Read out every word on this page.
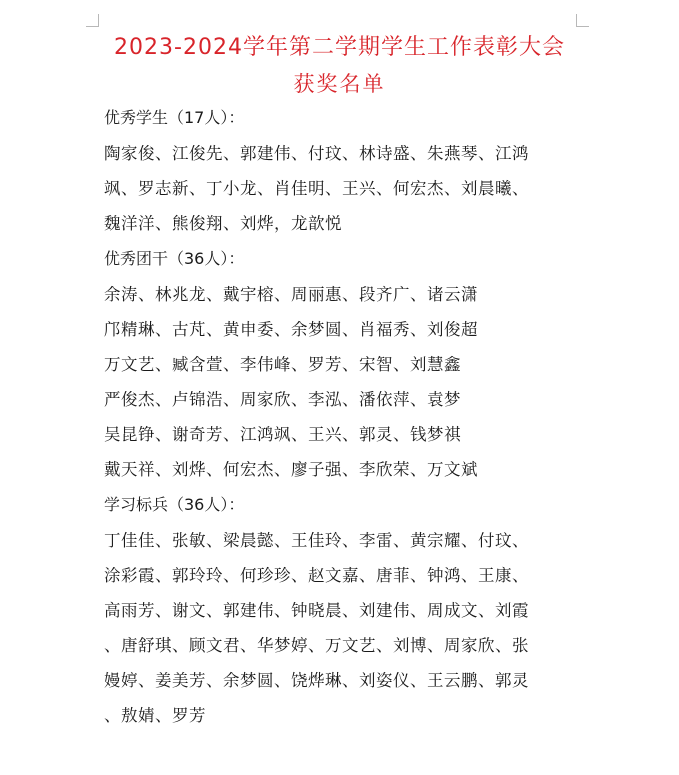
2023-2024学年第二学期学生工作表彰大会
获奖名单
优秀学生（17人）：
陶家俊、江俊先、郭建伟、付玟、林诗盛、朱燕琴、江鸿
飒、罗志新、丁小龙、肖佳明、王兴、何宏杰、刘晨曦、
魏洋洋、熊俊翔、刘烨，龙歆悦
优秀团干（36人）：
余涛、林兆龙、戴宇榕、周丽惠、段齐广、诸云潇
邝精琳、古芃、黄申委、余梦圆、肖福秀、刘俊超
万文艺、臧含萱、李伟峰、罗芳、宋智、刘慧鑫
严俊杰、卢锦浩、周家欣、李泓、潘依萍、袁梦
吴昆铮、谢奇芳、江鸿飒、王兴、郭灵、钱梦祺
戴天祥、刘烨、何宏杰、廖子强、李欣荣、万文斌
学习标兵（36人）：
丁佳佳、张敏、梁晨懿、王佳玲、李雷、黄宗耀、付玟、
涂彩霞、郭玲玲、何珍珍、赵文嘉、唐菲、钟鸿、王康、
高雨芳、谢文、郭建伟、钟晓晨、刘建伟、周成文、刘霞
、唐舒琪、顾文君、华梦婷、万文艺、刘博、周家欣、张
嫚婷、姜美芳、余梦圆、饶烨琳、刘姿仪、王云鹏、郭灵
、敖婧、罗芳
